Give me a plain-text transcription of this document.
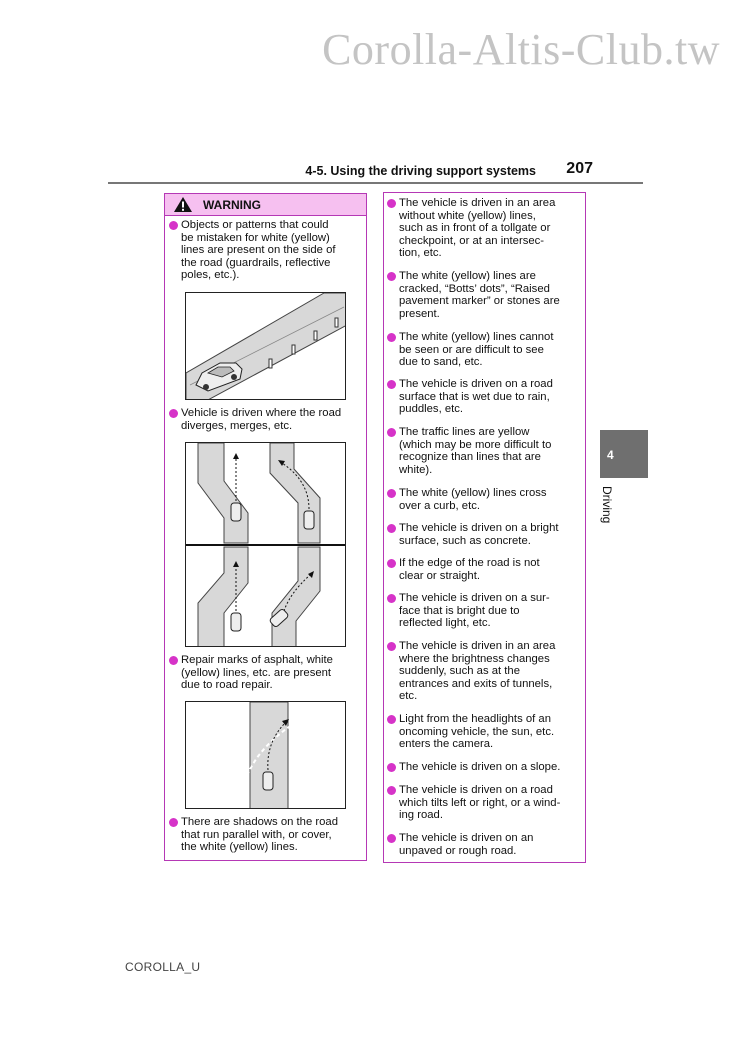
Corolla-Altis-Club.tw
4-5. Using the driving support systems 207
WARNING
Objects or patterns that could
be mistaken for white (yellow)
lines are present on the side of
the road (guardrails, reflective
poles, etc.).
Vehicle is driven where the road
diverges, merges, etc.
Repair marks of asphalt, white
(yellow) lines, etc. are present
due to road repair.
There are shadows on the road
that run parallel with, or cover,
the white (yellow) lines.
The vehicle is driven in an area
without white (yellow) lines,
such as in front of a tollgate or
checkpoint, or at an intersec-
tion, etc.
The white (yellow) lines are
cracked, “Botts’ dots”, “Raised
pavement marker” or stones are
present.
The white (yellow) lines cannot
be seen or are difficult to see
due to sand, etc.
The vehicle is driven on a road
surface that is wet due to rain,
puddles, etc.
The traffic lines are yellow
(which may be more difficult to
recognize than lines that are
white).
The white (yellow) lines cross
over a curb, etc.
The vehicle is driven on a bright
surface, such as concrete.
If the edge of the road is not
clear or straight.
The vehicle is driven on a sur-
face that is bright due to
reflected light, etc.
The vehicle is driven in an area
where the brightness changes
suddenly, such as at the
entrances and exits of tunnels,
etc.
Light from the headlights of an
oncoming vehicle, the sun, etc.
enters the camera.
The vehicle is driven on a slope.
The vehicle is driven on a road
which tilts left or right, or a wind-
ing road.
The vehicle is driven on an
unpaved or rough road.
4
Driving
COROLLA_U
